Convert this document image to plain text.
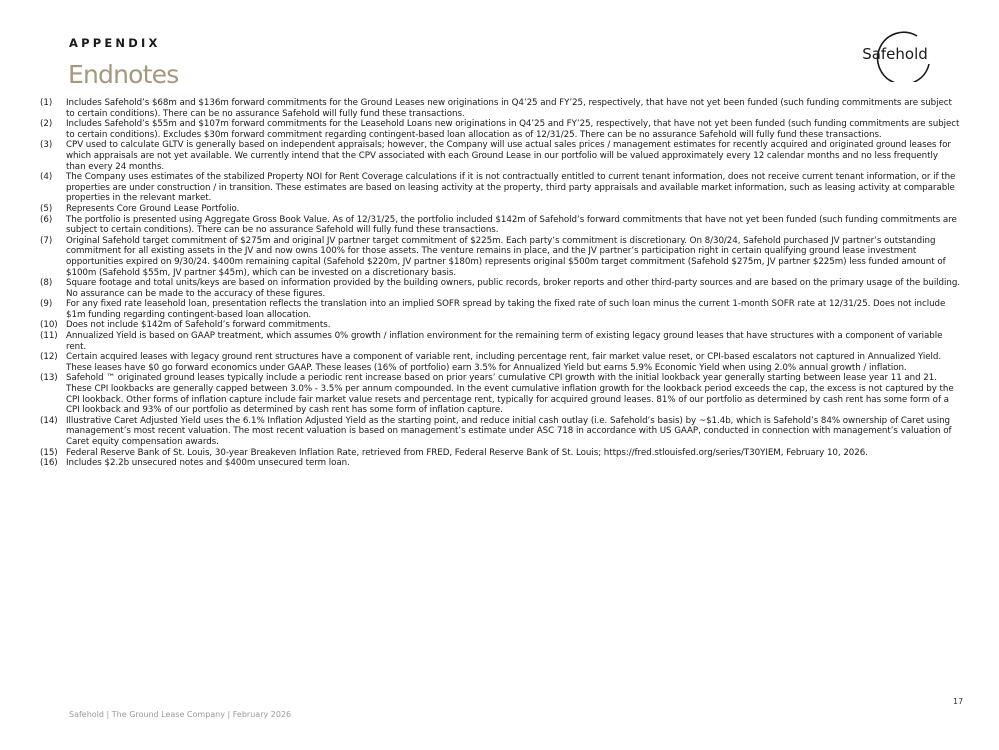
APPENDIX
Endnotes
Safehold
(1)	Includes Safehold’s $68m and $136m forward commitments for the Ground Leases new originations in Q4’25 and FY’25, respectively, that have not yet been funded (such funding commitments are subject to certain conditions). There can be no assurance Safehold will fully fund these transactions.
(2)	Includes Safehold’s $55m and $107m forward commitments for the Leasehold Loans new originations in Q4’25 and FY’25, respectively, that have not yet been funded (such funding commitments are subject to certain conditions). Excludes $30m forward commitment regarding contingent-based loan allocation as of 12/31/25. There can be no assurance Safehold will fully fund these transactions.
(3)	CPV used to calculate GLTV is generally based on independent appraisals; however, the Company will use actual sales prices / management estimates for recently acquired and originated ground leases for which appraisals are not yet available. We currently intend that the CPV associated with each Ground Lease in our portfolio will be valued approximately every 12 calendar months and no less frequently than every 24 months.
(4)	The Company uses estimates of the stabilized Property NOI for Rent Coverage calculations if it is not contractually entitled to current tenant information, does not receive current tenant information, or if the properties are under construction / in transition. These estimates are based on leasing activity at the property, third party appraisals and available market information, such as leasing activity at comparable properties in the relevant market.
(5)	Represents Core Ground Lease Portfolio.
(6)	The portfolio is presented using Aggregate Gross Book Value. As of 12/31/25, the portfolio included $142m of Safehold’s forward commitments that have not yet been funded (such funding commitments are subject to certain conditions). There can be no assurance Safehold will fully fund these transactions.
(7)	Original Safehold target commitment of $275m and original JV partner target commitment of $225m. Each party’s commitment is discretionary. On 8/30/24, Safehold purchased JV partner’s outstanding commitment for all existing assets in the JV and now owns 100% for those assets. The venture remains in place, and the JV partner’s participation right in certain qualifying ground lease investment opportunities expired on 9/30/24. $400m remaining capital (Safehold $220m, JV partner $180m) represents original $500m target commitment (Safehold $275m, JV partner $225m) less funded amount of $100m (Safehold $55m, JV partner $45m), which can be invested on a discretionary basis.
(8)	Square footage and total units/keys are based on information provided by the building owners, public records, broker reports and other third-party sources and are based on the primary usage of the building. No assurance can be made to the accuracy of these figures.
(9)	For any fixed rate leasehold loan, presentation reflects the translation into an implied SOFR spread by taking the fixed rate of such loan minus the current 1-month SOFR rate at 12/31/25. Does not include $1m funding regarding contingent-based loan allocation.
(10) Does not include $142m of Safehold’s forward commitments.
(11) Annualized Yield is based on GAAP treatment, which assumes 0% growth / inflation environment for the remaining term of existing legacy ground leases that have structures with a component of variable rent.
(12) Certain acquired leases with legacy ground rent structures have a component of variable rent, including percentage rent, fair market value reset, or CPI-based escalators not captured in Annualized Yield. These leases have $0 go forward economics under GAAP. These leases (16% of portfolio) earn 3.5% for Annualized Yield but earns 5.9% Economic Yield when using 2.0% annual growth / inflation.
(13) Safehold ™ originated ground leases typically include a periodic rent increase based on prior years’ cumulative CPI growth with the initial lookback year generally starting between lease year 11 and 21. These CPI lookbacks are generally capped between 3.0% - 3.5% per annum compounded. In the event cumulative inflation growth for the lookback period exceeds the cap, the excess is not captured by the CPI lookback. Other forms of inflation capture include fair market value resets and percentage rent, typically for acquired ground leases. 81% of our portfolio as determined by cash rent has some form of a CPI lookback and 93% of our portfolio as determined by cash rent has some form of inflation capture.
(14) Illustrative Caret Adjusted Yield uses the 6.1% Inflation Adjusted Yield as the starting point, and reduce initial cash outlay (i.e. Safehold’s basis) by ~$1.4b, which is Safehold’s 84% ownership of Caret using management’s most recent valuation. The most recent valuation is based on management’s estimate under ASC 718 in accordance with US GAAP, conducted in connection with management’s valuation of Caret equity compensation awards.
(15) Federal Reserve Bank of St. Louis, 30-year Breakeven Inflation Rate, retrieved from FRED, Federal Reserve Bank of St. Louis; https://fred.stlouisfed.org/series/T30YIEM, February 10, 2026.
(16) Includes $2.2b unsecured notes and $400m unsecured term loan.
Safehold | The Ground Lease Company | February 2026
17
